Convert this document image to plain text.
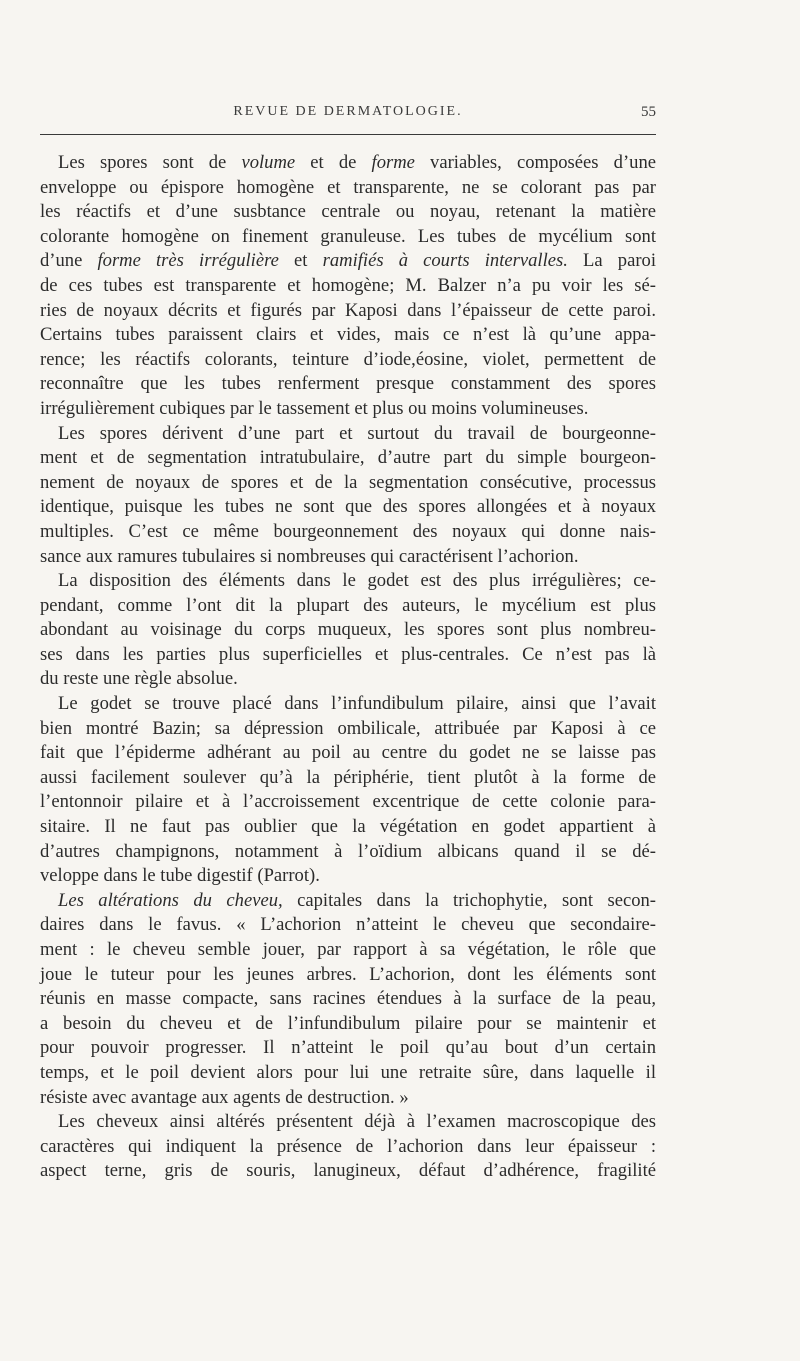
REVUE DE DERMATOLOGIE.	55
Les spores sont de volume et de forme variables, composées d’une
enveloppe ou épispore homogène et transparente, ne se colorant pas par
les réactifs et d’une susbtance centrale ou noyau, retenant la matière
colorante homogène on finement granuleuse. Les tubes de mycélium sont
d’une forme très irrégulière et ramifiés à courts intervalles. La paroi
de ces tubes est transparente et homogène; M. Balzer n’a pu voir les sé-
ries de noyaux décrits et figurés par Kaposi dans l’épaisseur de cette paroi.
Certains tubes paraissent clairs et vides, mais ce n’est là qu’une appa-
rence; les réactifs colorants, teinture d’iode,éosine, violet, permettent de
reconnaître que les tubes renferment presque constamment des spores
irrégulièrement cubiques par le tassement et plus ou moins volumineuses.
Les spores dérivent d’une part et surtout du travail de bourgeonne-
ment et de segmentation intratubulaire, d’autre part du simple bourgeon-
nement de noyaux de spores et de la segmentation consécutive, processus
identique, puisque les tubes ne sont que des spores allongées et à noyaux
multiples. C’est ce même bourgeonnement des noyaux qui donne nais-
sance aux ramures tubulaires si nombreuses qui caractérisent l’achorion.
La disposition des éléments dans le godet est des plus irrégulières; ce-
pendant, comme l’ont dit la plupart des auteurs, le mycélium est plus
abondant au voisinage du corps muqueux, les spores sont plus nombreu-
ses dans les parties plus superficielles et plus-centrales. Ce n’est pas là
du reste une règle absolue.
Le godet se trouve placé dans l’infundibulum pilaire, ainsi que l’avait
bien montré Bazin; sa dépression ombilicale, attribuée par Kaposi à ce
fait que l’épiderme adhérant au poil au centre du godet ne se laisse pas
aussi facilement soulever qu’à la périphérie, tient plutôt à la forme de
l’entonnoir pilaire et à l’accroissement excentrique de cette colonie para-
sitaire. Il ne faut pas oublier que la végétation en godet appartient à
d’autres champignons, notamment à l’oïdium albicans quand il se dé-
veloppe dans le tube digestif (Parrot).
Les altérations du cheveu, capitales dans la trichophytie, sont secon-
daires dans le favus. « L’achorion n’atteint le cheveu que secondaire-
ment : le cheveu semble jouer, par rapport à sa végétation, le rôle que
joue le tuteur pour les jeunes arbres. L’achorion, dont les éléments sont
réunis en masse compacte, sans racines étendues à la surface de la peau,
a besoin du cheveu et de l’infundibulum pilaire pour se maintenir et
pour pouvoir progresser. Il n’atteint le poil qu’au bout d’un certain
temps, et le poil devient alors pour lui une retraite sûre, dans laquelle il
résiste avec avantage aux agents de destruction. »
Les cheveux ainsi altérés présentent déjà à l’examen macroscopique des
caractères qui indiquent la présence de l’achorion dans leur épaisseur :
aspect terne, gris de souris, lanugineux, défaut d’adhérence, fragilité
